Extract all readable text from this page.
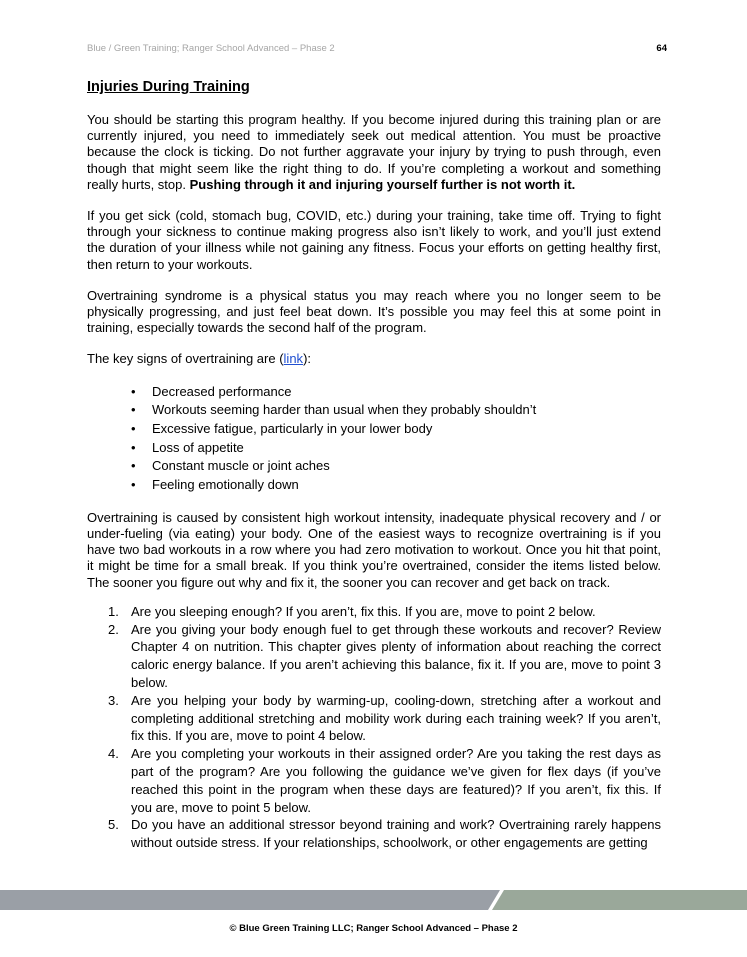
Blue / Green Training; Ranger School Advanced – Phase 2	64
Injuries During Training

You should be starting this program healthy. If you become injured during this training plan or are currently injured, you need to immediately seek out medical attention. You must be proactive because the clock is ticking. Do not further aggravate your injury by trying to push through, even though that might seem like the right thing to do. If you’re completing a workout and something really hurts, stop. Pushing through it and injuring yourself further is not worth it.

If you get sick (cold, stomach bug, COVID, etc.) during your training, take time off. Trying to fight through your sickness to continue making progress also isn’t likely to work, and you’ll just extend the duration of your illness while not gaining any fitness. Focus your efforts on getting healthy first, then return to your workouts.

Overtraining syndrome is a physical status you may reach where you no longer seem to be physically progressing, and just feel beat down. It’s possible you may feel this at some point in training, especially towards the second half of the program.

The key signs of overtraining are (link):

• Decreased performance
• Workouts seeming harder than usual when they probably shouldn’t
• Excessive fatigue, particularly in your lower body
• Loss of appetite
• Constant muscle or joint aches
• Feeling emotionally down

Overtraining is caused by consistent high workout intensity, inadequate physical recovery and / or under-fueling (via eating) your body. One of the easiest ways to recognize overtraining is if you have two bad workouts in a row where you had zero motivation to workout. Once you hit that point, it might be time for a small break. If you think you’re overtrained, consider the items listed below. The sooner you figure out why and fix it, the sooner you can recover and get back on track.

1. Are you sleeping enough? If you aren’t, fix this. If you are, move to point 2 below.
2. Are you giving your body enough fuel to get through these workouts and recover? Review Chapter 4 on nutrition. This chapter gives plenty of information about reaching the correct caloric energy balance. If you aren’t achieving this balance, fix it. If you are, move to point 3 below.
3. Are you helping your body by warming-up, cooling-down, stretching after a workout and completing additional stretching and mobility work during each training week? If you aren’t, fix this. If you are, move to point 4 below.
4. Are you completing your workouts in their assigned order? Are you taking the rest days as part of the program? Are you following the guidance we’ve given for flex days (if you’ve reached this point in the program when these days are featured)? If you aren’t, fix this. If you are, move to point 5 below.
5. Do you have an additional stressor beyond training and work? Overtraining rarely happens without outside stress. If your relationships, schoolwork, or other engagements are getting
© Blue Green Training LLC; Ranger School Advanced – Phase 2
